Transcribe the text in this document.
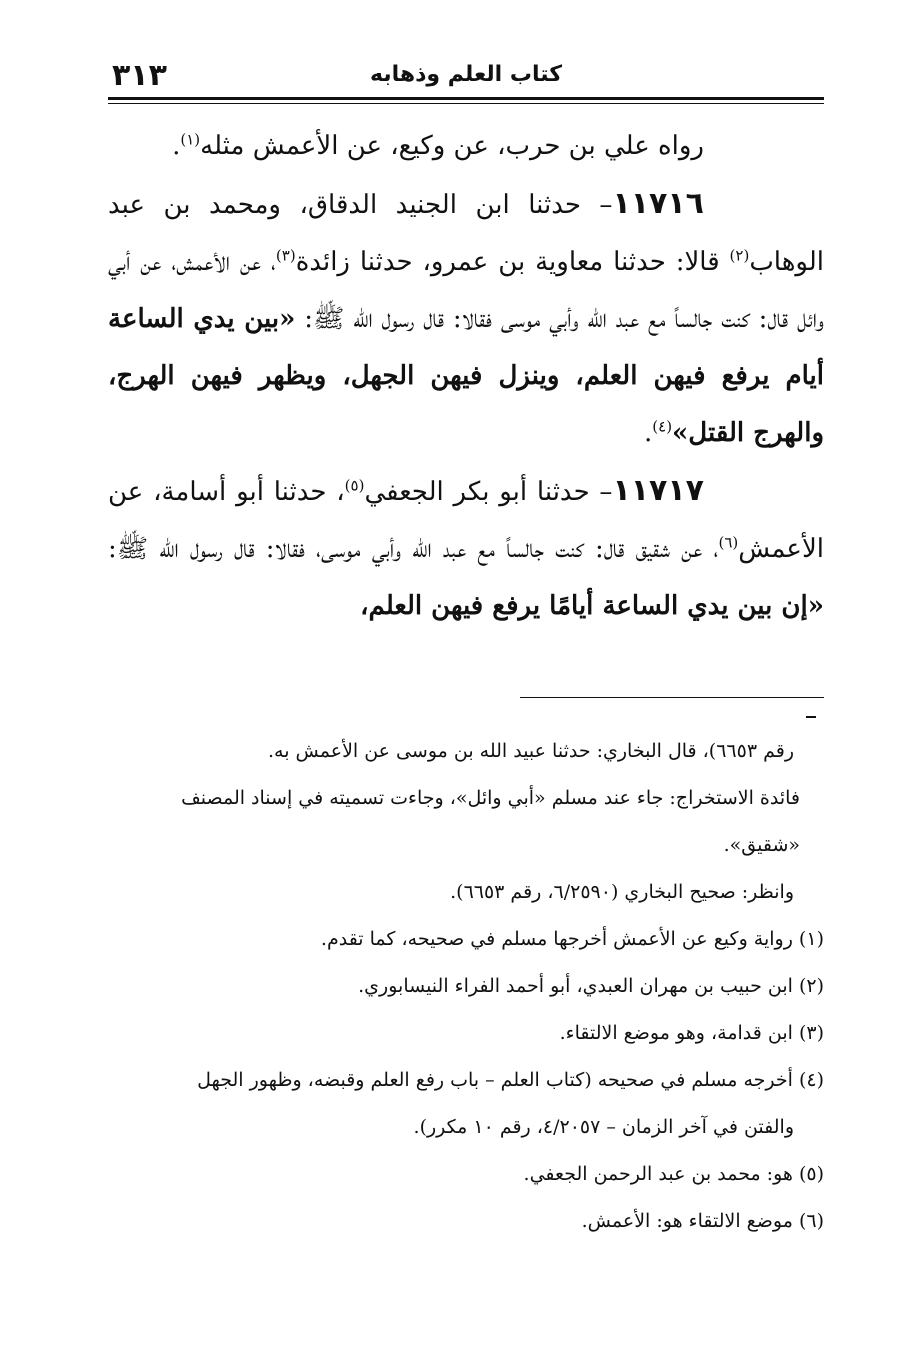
كتاب العلم وذهابه
٣١٣

رواه علي بن حرب، عن وكيع، عن الأعمش مثله$^{(١)}$.

١١٧١٦– حدثنا ابن الجنيد الدقاق، ومحمد بن عبد الوهاب$^{(٢)}$ قالا: حدثنا معاوية بن عمرو، حدثنا زائدة$^{(٣)}$، عن الأعمش، عن أبي وائل قال: كنت جالساً مع عبد الله وأبي موسى فقالا: قال رسول الله ﷺ: «بين يدي الساعة أيام يرفع فيهن العلم، وينزل فيهن الجهل، ويظهر فيهن الهرج، والهرج القتل»$^{(٤)}$.

١١٧١٧– حدثنا أبو بكر الجعفي$^{(٥)}$، حدثنا أبو أسامة، عن الأعمش$^{(٦)}$، عن شقيق قال: كنت جالساً مع عبد الله وأبي موسى، فقالا: قال رسول الله ﷺ: «إن بين يدي الساعة أيامًا يرفع فيهن العلم،

رقم ٦٦٥٣)، قال البخاري: حدثنا عبيد الله بن موسى عن الأعمش به.

فائدة الاستخراج: جاء عند مسلم «أبي وائل»، وجاءت تسميته في إسناد المصنف

«شقيق».

وانظر: صحيح البخاري (٦/٢٥٩٠، رقم ٦٦٥٣).

(١) رواية وكيع عن الأعمش أخرجها مسلم في صحيحه، كما تقدم.

(٢) ابن حبيب بن مهران العبدي، أبو أحمد الفراء النيسابوري.

(٣) ابن قدامة، وهو موضع الالتقاء.

(٤) أخرجه مسلم في صحيحه (كتاب العلم – باب رفع العلم وقبضه، وظهور الجهل

والفتن في آخر الزمان – ٤/٢٠٥٧، رقم ١٠ مكرر).

(٥) هو: محمد بن عبد الرحمن الجعفي.

(٦) موضع الالتقاء هو: الأعمش.
